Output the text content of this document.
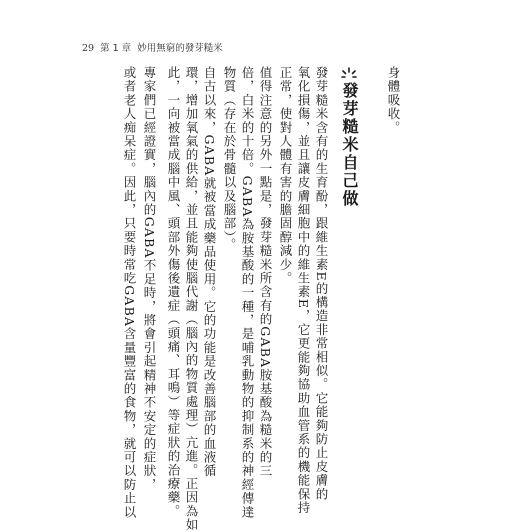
29 第 1 章 妙用無窮的發芽糙米
身體吸收。
發芽糙米自己做
發芽糙米含有的生育酚，跟維生素E的構造非常相似。它能夠防止皮膚的
氧化損傷，並且讓皮膚細胞中的維生素E，它更能夠協助血管系的機能保持
正常，使對人體有害的膽固醇減少。
值得注意的另外一點是，發芽糙米所含有的GABA胺基酸為糙米的三
倍，白米的十倍。GABA為胺基酸的一種，是哺乳動物的抑制系的神經傳達
物質（存在於骨髓以及腦部）。
自古以來，GABA就被當成藥品使用。它的功能是改善腦部的血液循
環，增加氧氣的供給，並且能夠使腦代謝（腦內的物質處理）亢進。正因為如
此，一向被當成腦中風、頭部外傷後遺症（頭痛、耳鳴）等症狀的治療藥。
專家們已經證實，腦內的GABA不足時，將會引起精神不安定的症狀，
或者老人痴呆症。因此，只要時常吃GABA含量豐富的食物，就可以防止以
